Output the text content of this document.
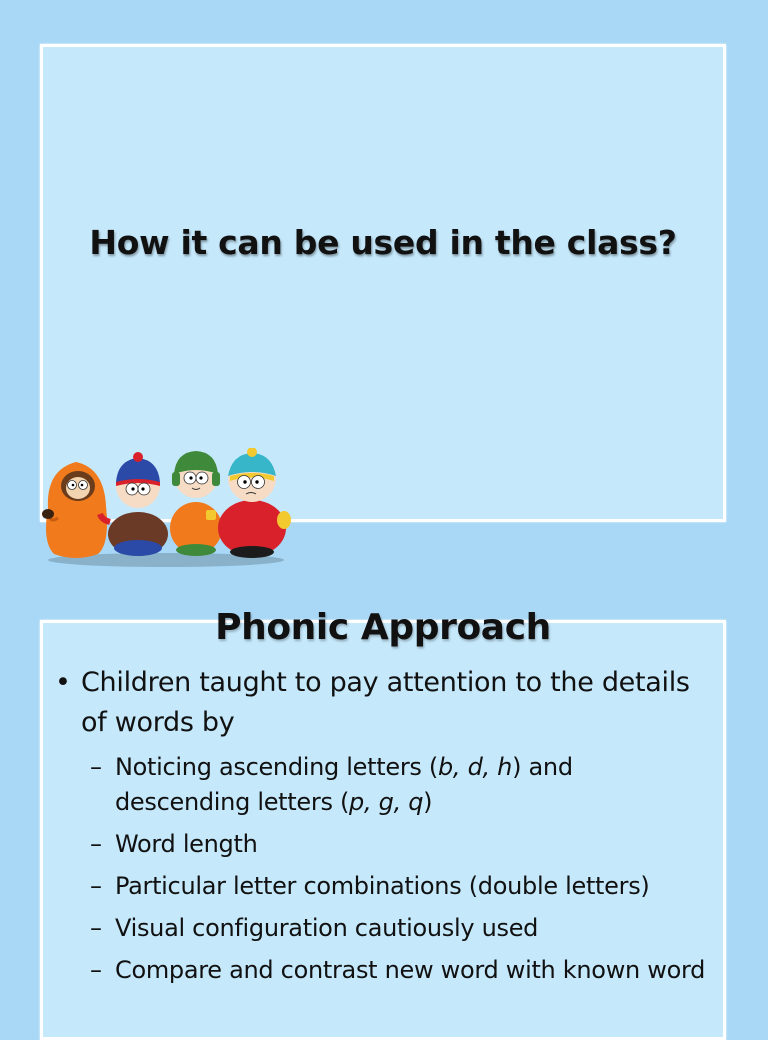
How it can be used in the class?
Phonic Approach
• Children taught to pay attention to the details of words by
– Noticing ascending letters (b, d, h) and descending letters (p, g, q)
– Word length
– Particular letter combinations (double letters)
– Visual configuration cautiously used
– Compare and contrast new word with known word
